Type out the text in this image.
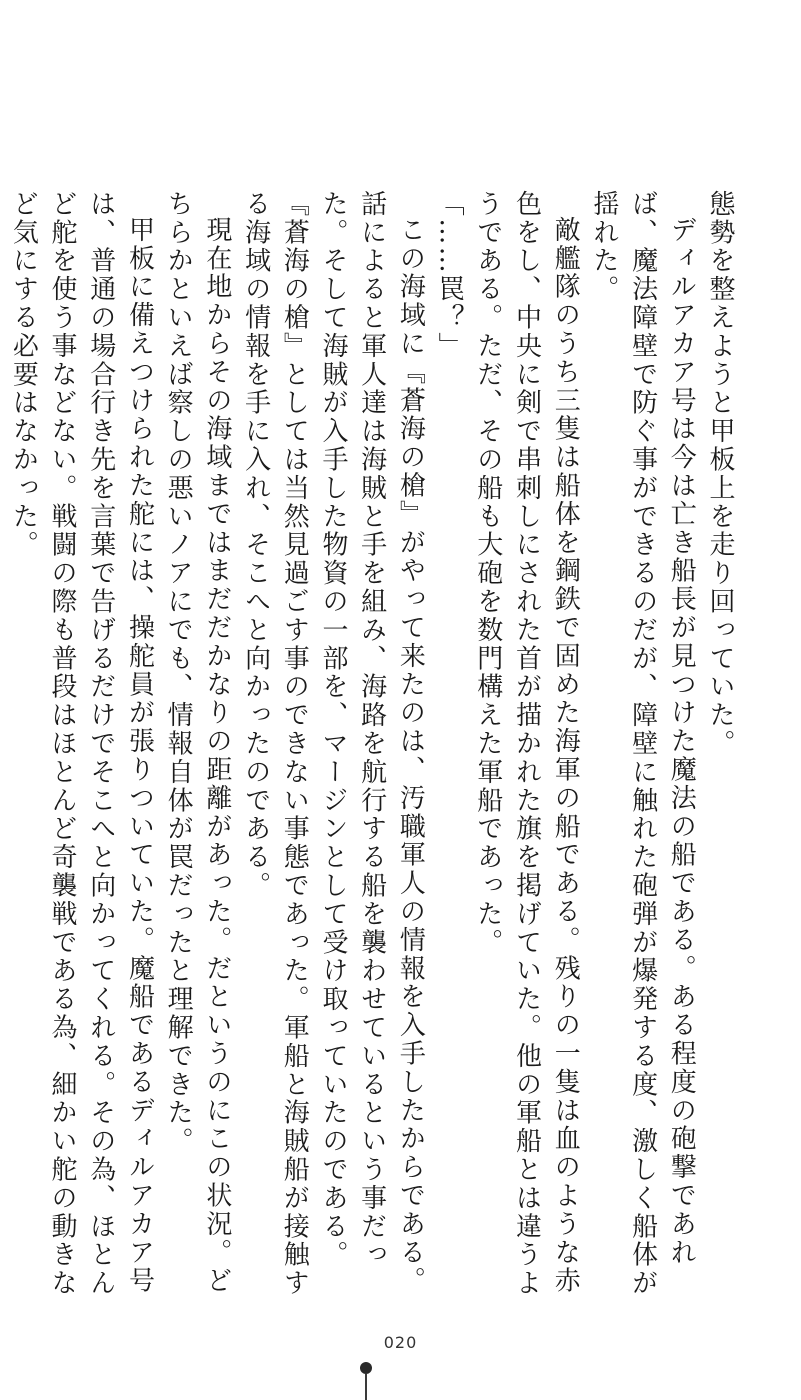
態勢を整えようと甲板上を走り回っていた。

ディルアカア号は今は亡き船長が見つけた魔法の船である。ある程度の砲撃であれば、魔法障壁で防ぐ事ができるのだが、障壁に触れた砲弾が爆発する度、激しく船体が揺れた。

敵艦隊のうち三隻は船体を鋼鉄で固めた海軍の船である。残りの一隻は血のような赤色をし、中央に剣で串刺しにされた首が描かれた旗を掲げていた。他の軍船とは違うようである。ただ、その船も大砲を数門構えた軍船であった。

「……罠？」

この海域に『蒼海の槍』がやって来たのは、汚職軍人の情報を入手したからである。話によると軍人達は海賊と手を組み、海路を航行する船を襲わせているという事だった。そして海賊が入手した物資の一部を、マージンとして受け取っていたのである。

『蒼海の槍』としては当然見過ごす事のできない事態であった。軍船と海賊船が接触する海域の情報を手に入れ、そこへと向かったのである。

現在地からその海域まではまだだかなりの距離があった。だというのにこの状況。どちらかといえば察しの悪いノアにでも、情報自体が罠だったと理解できた。

甲板に備えつけられた舵には、操舵員が張りついていた。魔船であるディルアカア号は、普通の場合行き先を言葉で告げるだけでそこへと向かってくれる。その為、ほとんど舵を使う事などない。戦闘の際も普段はほとんど奇襲戦である為、細かい舵の動きなど気にする必要はなかった。

020
